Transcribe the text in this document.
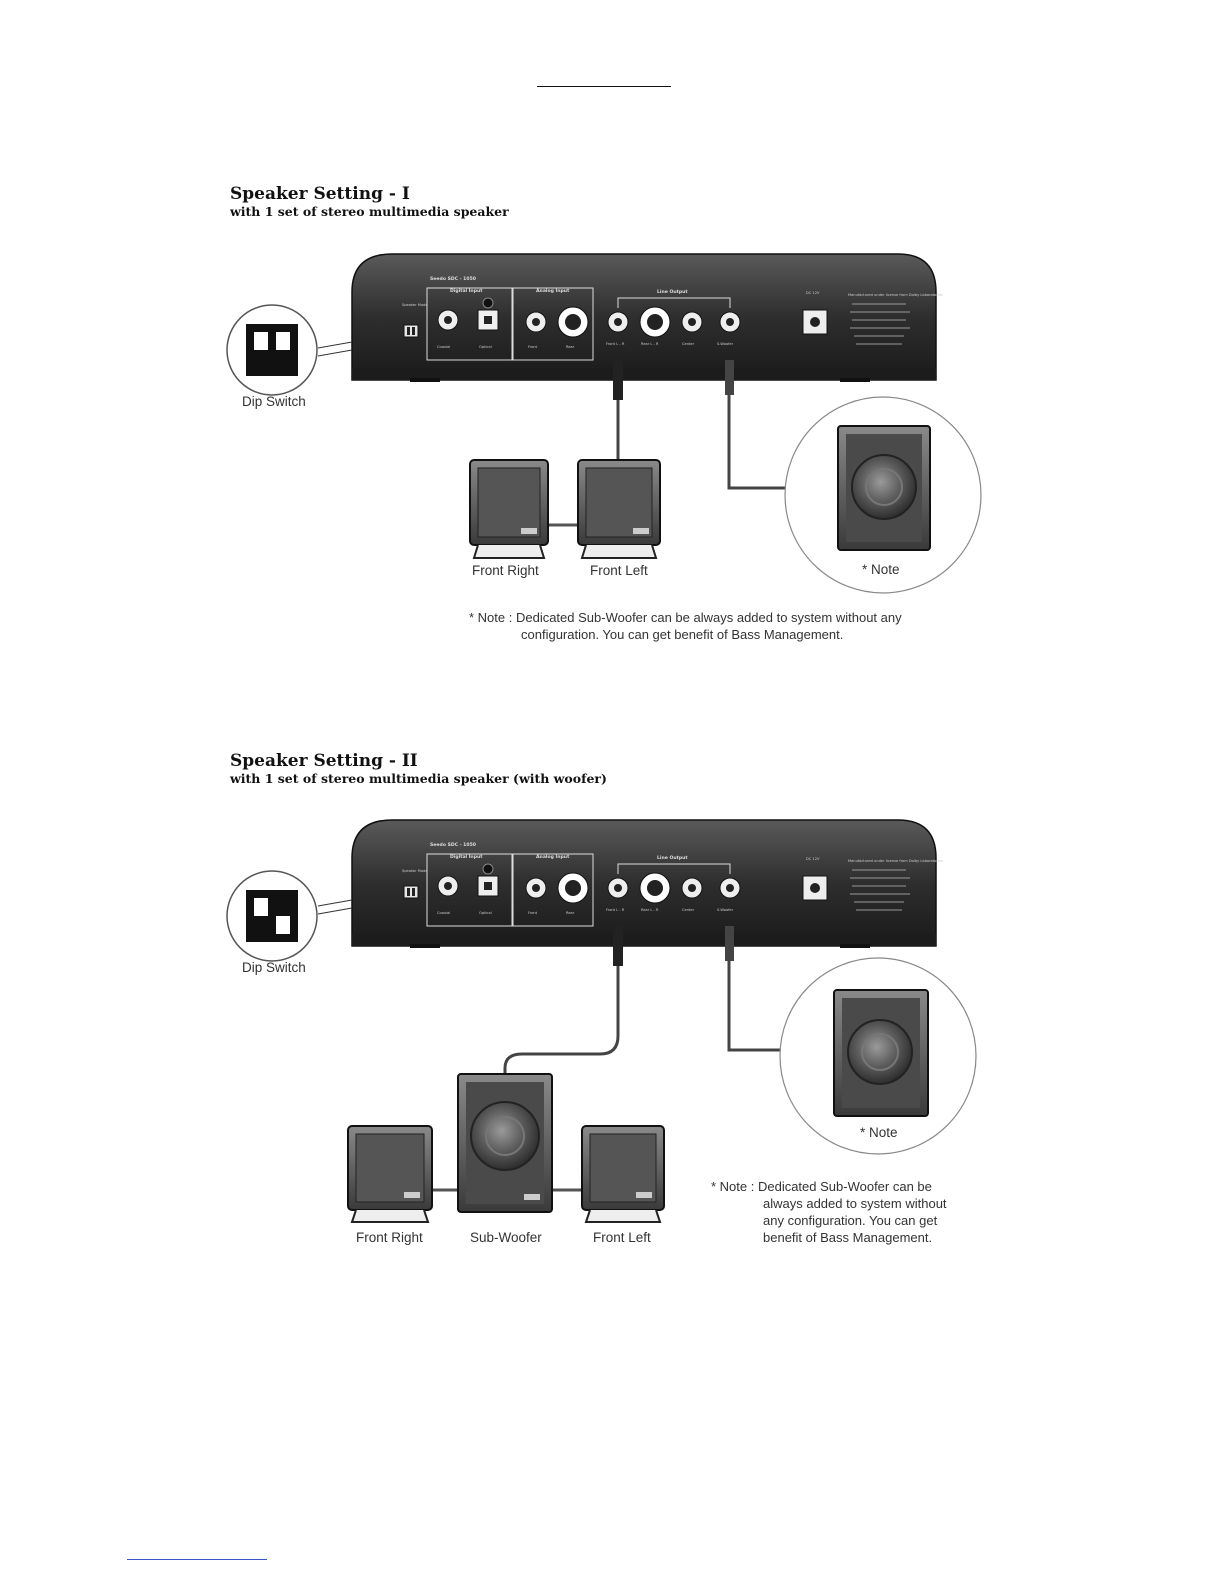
Speaker Setting - I
with 1 set of stereo multimedia speaker
Seedo SDC - 1050
Speaker Mode
Digital Input
Coaxial	Optical
Analog Input
Front	Rear
Line Output
Front L - R	Rear L - R	Center	S-Woofer
DC 12V	Manufactured under license from Dolby Laboratories
Dip Switch
Front Right	Front Left	* Note
* Note : Dedicated Sub-Woofer can be always added to system without any
configuration. You can get benefit of Bass Management.
Speaker Setting - II
with 1 set of stereo multimedia speaker (with woofer)
Seedo SDC - 1050
Speaker Mode
Digital Input
Coaxial	Optical
Analog Input
Front	Rear
Line Output
Front L - R	Rear L - R	Center	S-Woofer
DC 12V	Manufactured under license from Dolby Laboratories
Dip Switch
Front Right	Sub-Woofer	Front Left
* Note
* Note : Dedicated Sub-Woofer can be
always added to system without
any configuration. You can get
benefit of Bass Management.
